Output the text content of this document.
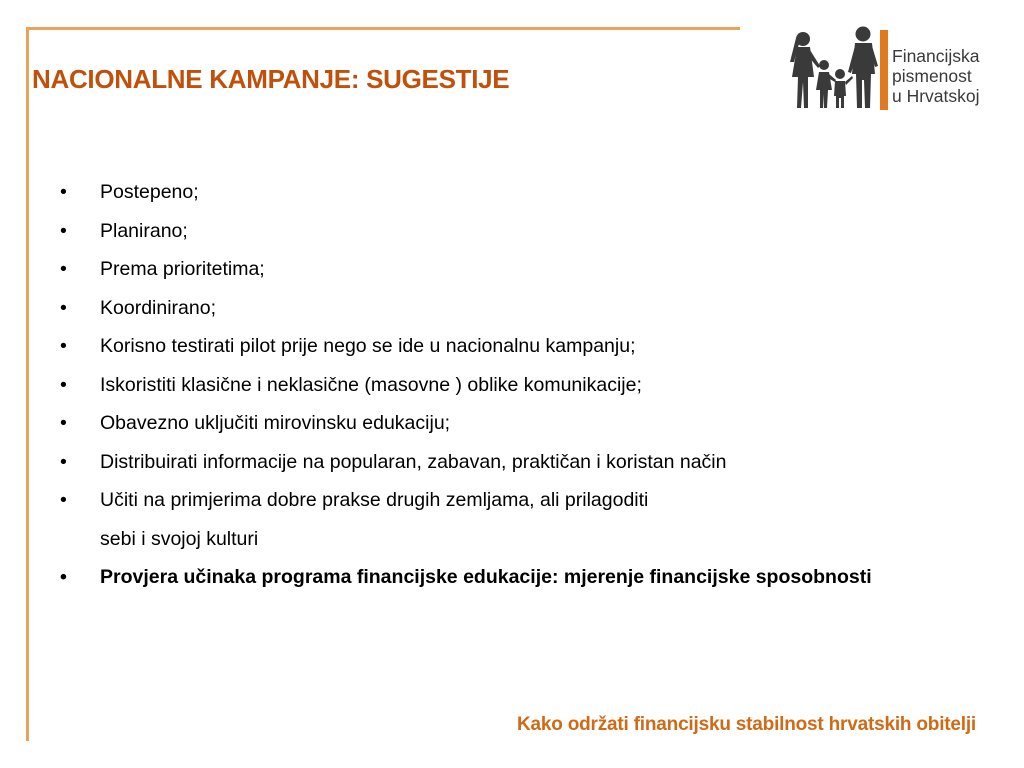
NACIONALNE KAMPANJE: SUGESTIJE
Financijska
pismenost
u Hrvatskoj
•	Postepeno;
•	Planirano;
•	Prema prioritetima;
•	Koordinirano;
•	Korisno testirati pilot prije nego se ide u nacionalnu kampanju;
•	Iskoristiti klasične i neklasične (masovne ) oblike komunikacije;
•	Obavezno uključiti mirovinsku edukaciju;
•	Distribuirati informacije na popularan, zabavan, praktičan i koristan način
•	Učiti na primjerima dobre prakse drugih zemljama, ali prilagoditi
sebi i svojoj kulturi
•	Provjera učinaka programa financijske edukacije: mjerenje financijske sposobnosti
Kako održati financijsku stabilnost hrvatskih obitelji
